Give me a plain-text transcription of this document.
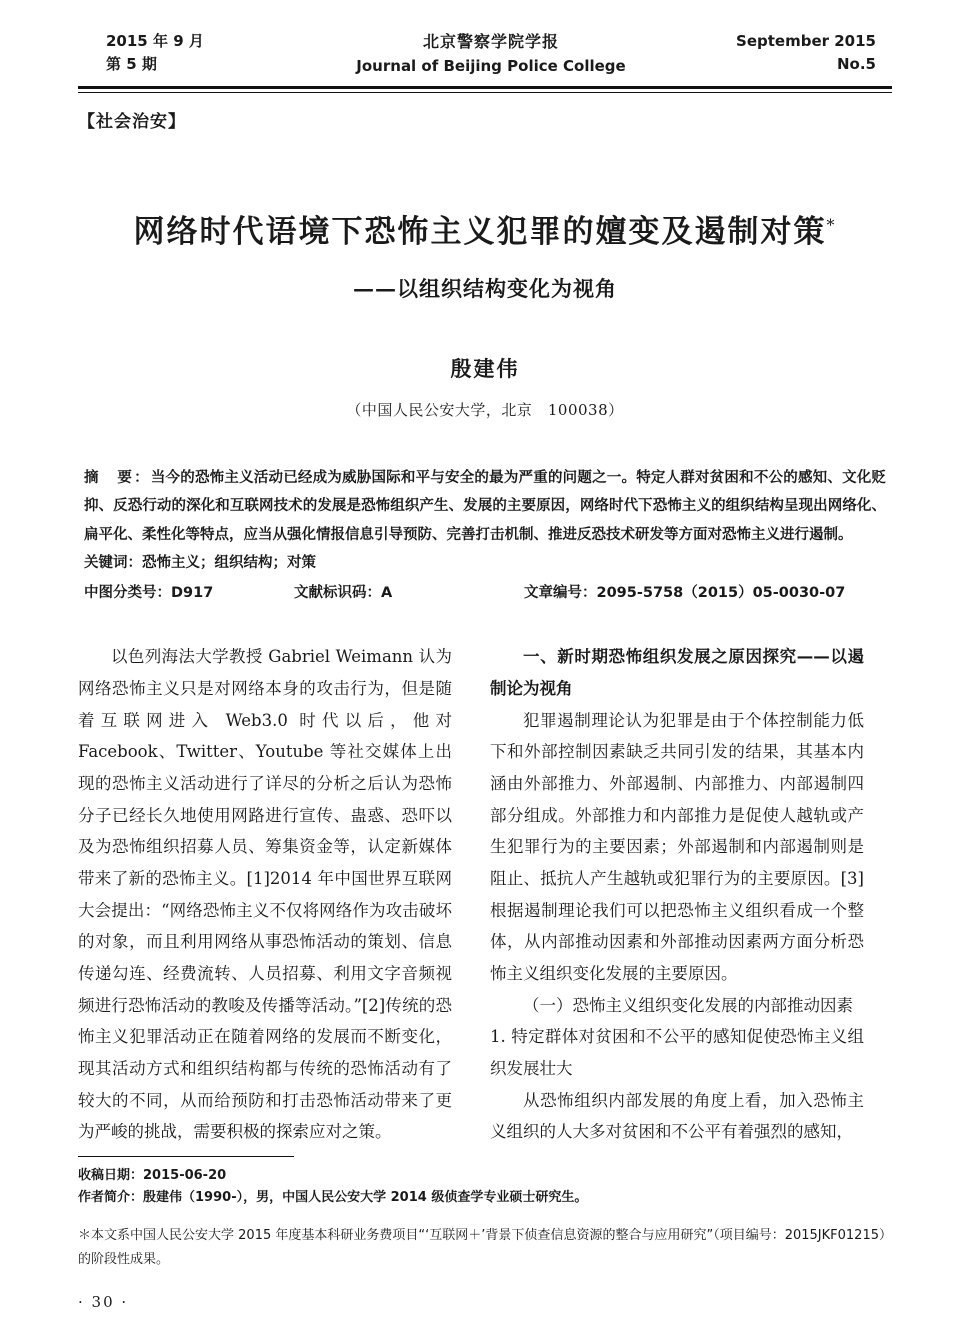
2015 年 9 月
第 5 期
北京警察学院学报
Journal of Beijing Police College
September 2015
No.5
【社会治安】
网络时代语境下恐怖主义犯罪的嬗变及遏制对策*
——以组织结构变化为视角
殷建伟
（中国人民公安大学，北京　100038）
摘　要：当今的恐怖主义活动已经成为威胁国际和平与安全的最为严重的问题之一。特定人群对贫困和不公的感知、文化贬抑、反恐行动的深化和互联网技术的发展是恐怖组织产生、发展的主要原因，网络时代下恐怖主义的组织结构呈现出网络化、扁平化、柔性化等特点，应当从强化情报信息引导预防、完善打击机制、推进反恐技术研发等方面对恐怖主义进行遏制。
关键词：恐怖主义；组织结构；对策
中图分类号：D917	文献标识码：A	文章编号：2095-5758（2015）05-0030-07

以色列海法大学教授 Gabriel Weimann 认为网络恐怖主义只是对网络本身的攻击行为，但是随着互联网进入 Web3.0 时代以后，他对 Facebook、Twitter、Youtube 等社交媒体上出现的恐怖主义活动进行了详尽的分析之后认为恐怖分子已经长久地使用网路进行宣传、蛊惑、恐吓以及为恐怖组织招募人员、筹集资金等，认定新媒体带来了新的恐怖主义。[1]2014 年中国世界互联网大会提出：“网络恐怖主义不仅将网络作为攻击破坏的对象，而且利用网络从事恐怖活动的策划、信息传递勾连、经费流转、人员招募、利用文字音频视频进行恐怖活动的教唆及传播等活动。”[2]传统的恐怖主义犯罪活动正在随着网络的发展而不断变化，现其活动方式和组织结构都与传统的恐怖活动有了较大的不同，从而给预防和打击恐怖活动带来了更为严峻的挑战，需要积极的探索应对之策。

一、新时期恐怖组织发展之原因探究——以遏制论为视角

犯罪遏制理论认为犯罪是由于个体控制能力低下和外部控制因素缺乏共同引发的结果，其基本内涵由外部推力、外部遏制、内部推力、内部遏制四部分组成。外部推力和内部推力是促使人越轨或产生犯罪行为的主要因素；外部遏制和内部遏制则是阻止、抵抗人产生越轨或犯罪行为的主要原因。[3]根据遏制理论我们可以把恐怖主义组织看成一个整体，从内部推动因素和外部推动因素两方面分析恐怖主义组织变化发展的主要原因。

（一）恐怖主义组织变化发展的内部推动因素

1. 特定群体对贫困和不公平的感知促使恐怖主义组织发展壮大

从恐怖组织内部发展的角度上看，加入恐怖主义组织的人大多对贫困和不公平有着强烈的感知，

收稿日期：2015-06-20
作者简介：殷建伟（1990-），男，中国人民公安大学 2014 级侦查学专业硕士研究生。
＊本文系中国人民公安大学 2015 年度基本科研业务费项目“‘互联网＋’背景下侦查信息资源的整合与应用研究”（项目编号：2015JKF01215）的阶段性成果。
· 30 ·
